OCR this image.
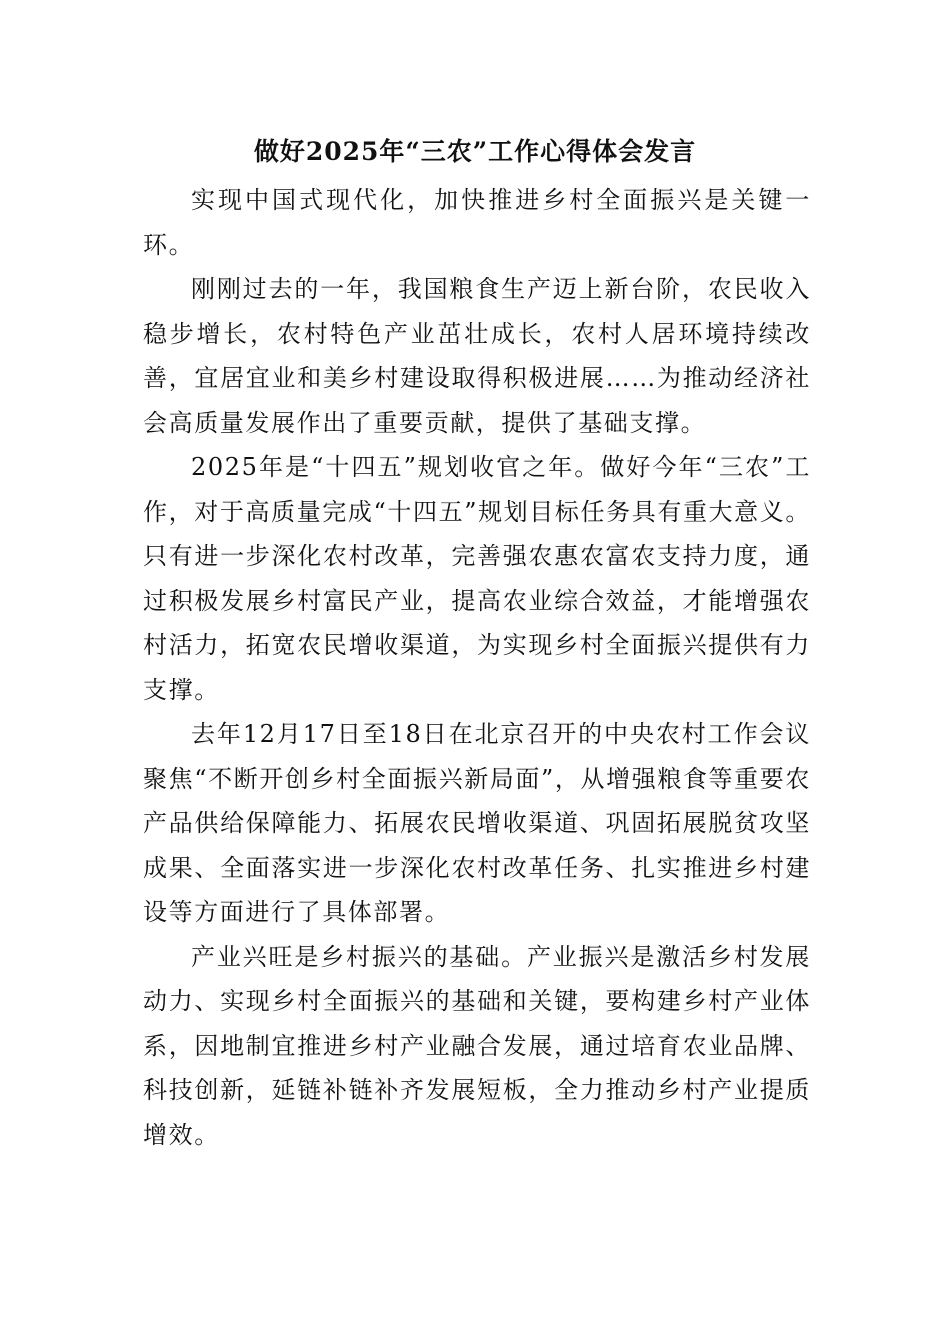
做好2025年“三农”工作心得体会发言

实现中国式现代化，加快推进乡村全面振兴是关键一环。

刚刚过去的一年，我国粮食生产迈上新台阶，农民收入稳步增长，农村特色产业茁壮成长，农村人居环境持续改善，宜居宜业和美乡村建设取得积极进展……为推动经济社会高质量发展作出了重要贡献，提供了基础支撑。

2025年是“十四五”规划收官之年。做好今年“三农”工作，对于高质量完成“十四五”规划目标任务具有重大意义。只有进一步深化农村改革，完善强农惠农富农支持力度，通过积极发展乡村富民产业，提高农业综合效益，才能增强农村活力，拓宽农民增收渠道，为实现乡村全面振兴提供有力支撑。

去年12月17日至18日在北京召开的中央农村工作会议聚焦“不断开创乡村全面振兴新局面”，从增强粮食等重要农产品供给保障能力、拓展农民增收渠道、巩固拓展脱贫攻坚成果、全面落实进一步深化农村改革任务、扎实推进乡村建设等方面进行了具体部署。

产业兴旺是乡村振兴的基础。产业振兴是激活乡村发展动力、实现乡村全面振兴的基础和关键，要构建乡村产业体系，因地制宜推进乡村产业融合发展，通过培育农业品牌、科技创新，延链补链补齐发展短板，全力推动乡村产业提质增效。
